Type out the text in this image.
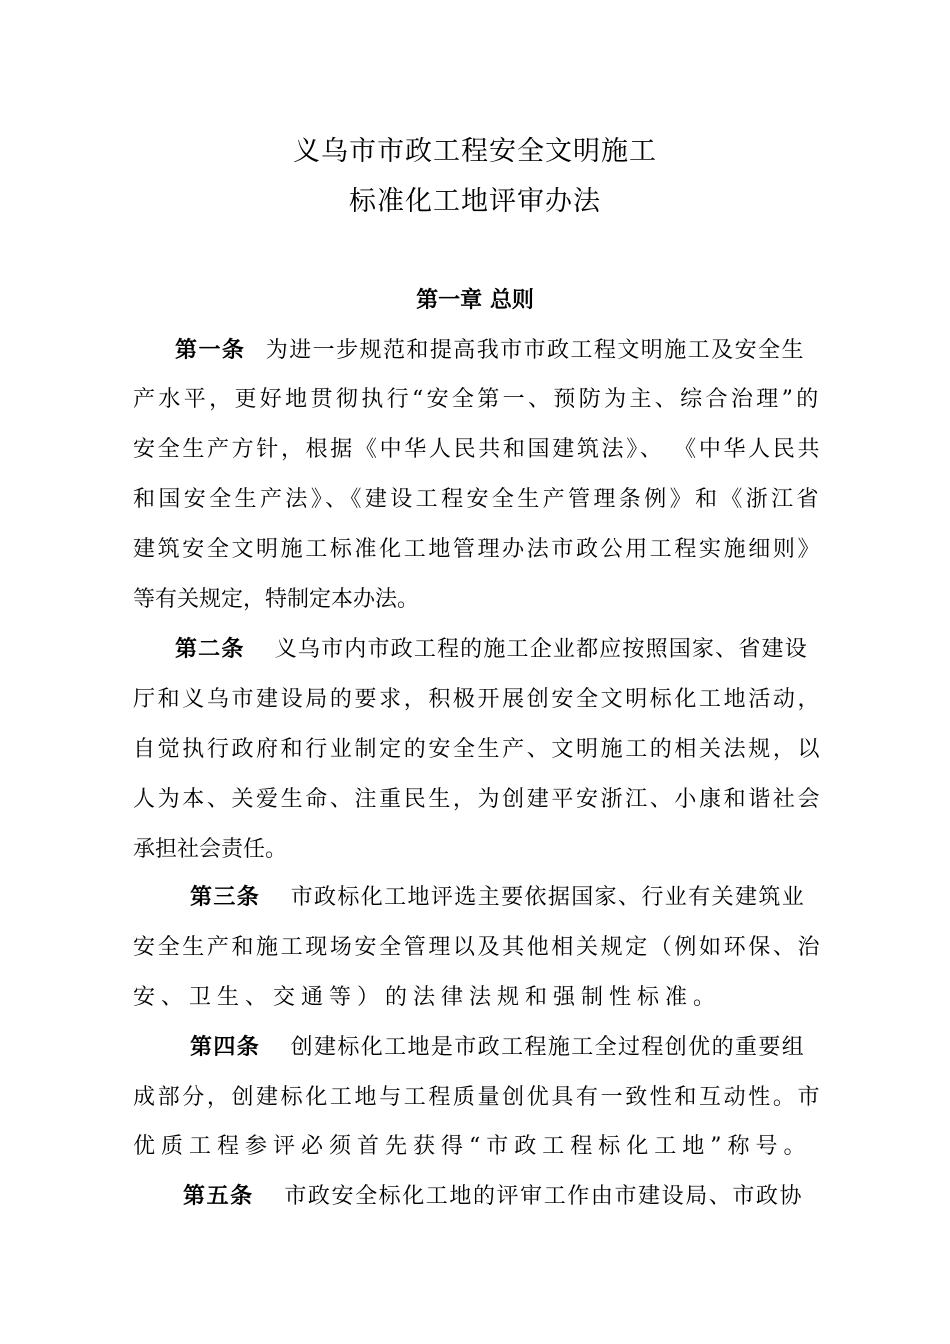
义乌市市政工程安全文明施工
标准化工地评审办法
第一章 总则
第一条 为进一步规范和提高我市市政工程文明施工及安全生
产水平，更好地贯彻执行“安全第一、预防为主、综合治理”的
安全生产方针，根据《中华人民共和国建筑法》、 《中华人民共
和国安全生产法》、《建设工程安全生产管理条例》和《浙江省
建筑安全文明施工标准化工地管理办法市政公用工程实施细则》
等有关规定，特制定本办法。
第二条 义乌市内市政工程的施工企业都应按照国家、省建设
厅和义乌市建设局的要求，积极开展创安全文明标化工地活动，
自觉执行政府和行业制定的安全生产、文明施工的相关法规，以
人为本、关爱生命、注重民生，为创建平安浙江、小康和谐社会
承担社会责任。
第三条 市政标化工地评选主要依据国家、行业有关建筑业
安全生产和施工现场安全管理以及其他相关规定（例如环保、治
安、卫生、交通等）的法律法规和强制性标准。
第四条 创建标化工地是市政工程施工全过程创优的重要组
成部分，创建标化工地与工程质量创优具有一致性和互动性。市
优质工程参评必须首先获得“市政工程标化工地”称号。
第五条 市政安全标化工地的评审工作由市建设局、市政协
